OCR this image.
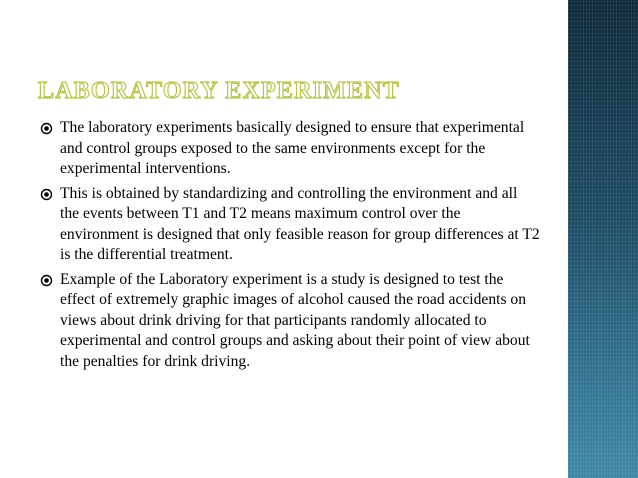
LABORATORY EXPERIMENT
The laboratory experiments basically designed to ensure that experimental and control groups exposed to the same environments except for the experimental interventions.
This is obtained by standardizing and controlling the environment and all the events between T1 and T2 means maximum control over the environment is designed that only feasible reason for group differences at T2 is the differential treatment.
Example of the Laboratory experiment is a study is designed to test the effect of extremely graphic images of alcohol caused the road accidents on views about drink driving for that participants randomly allocated to experimental and control groups and asking about their point of view about the penalties for drink driving.
